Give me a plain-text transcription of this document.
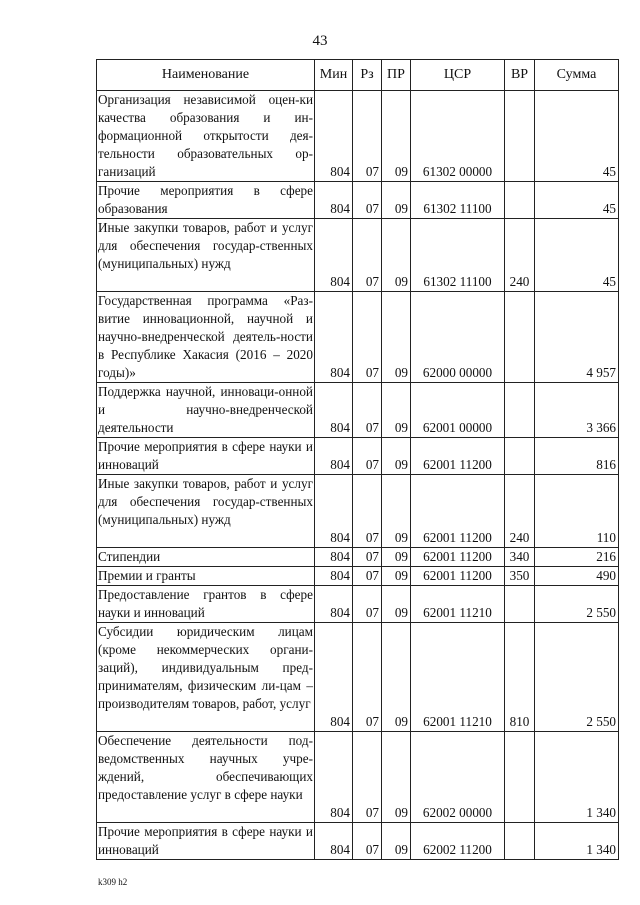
43
Наименование	Мин	Рз	ПР	ЦСР	ВР	Сумма
Организация независимой оцен-ки качества образования и ин-формационной открытости дея-тельности образовательных ор-ганизаций	804	07	09	61302 00000		45
Прочие мероприятия в сфере образования	804	07	09	61302 11100		45
Иные закупки товаров, работ и услуг для обеспечения государ-ственных (муниципальных) нужд	804	07	09	61302 11100	240	45
Государственная программа «Раз-витие инновационной, научной и научно-внедренческой деятель-ности в Республике Хакасия (2016 – 2020 годы)»	804	07	09	62000 00000		4 957
Поддержка научной, инноваци-онной и научно-внедренческой деятельности	804	07	09	62001 00000		3 366
Прочие мероприятия в сфере науки и инноваций	804	07	09	62001 11200		816
Иные закупки товаров, работ и услуг для обеспечения государ-ственных (муниципальных) нужд	804	07	09	62001 11200	240	110
Стипендии	804	07	09	62001 11200	340	216
Премии и гранты	804	07	09	62001 11200	350	490
Предоставление грантов в сфере науки и инноваций	804	07	09	62001 11210		2 550
Субсидии юридическим лицам (кроме некоммерческих органи-заций), индивидуальным пред-принимателям, физическим ли-цам – производителям товаров, работ, услуг	804	07	09	62001 11210	810	2 550
Обеспечение деятельности под-ведомственных научных учре-ждений, обеспечивающих предоставление услуг в сфере науки	804	07	09	62002 00000		1 340
Прочие мероприятия в сфере науки и инноваций	804	07	09	62002 11200		1 340
k309 h2
